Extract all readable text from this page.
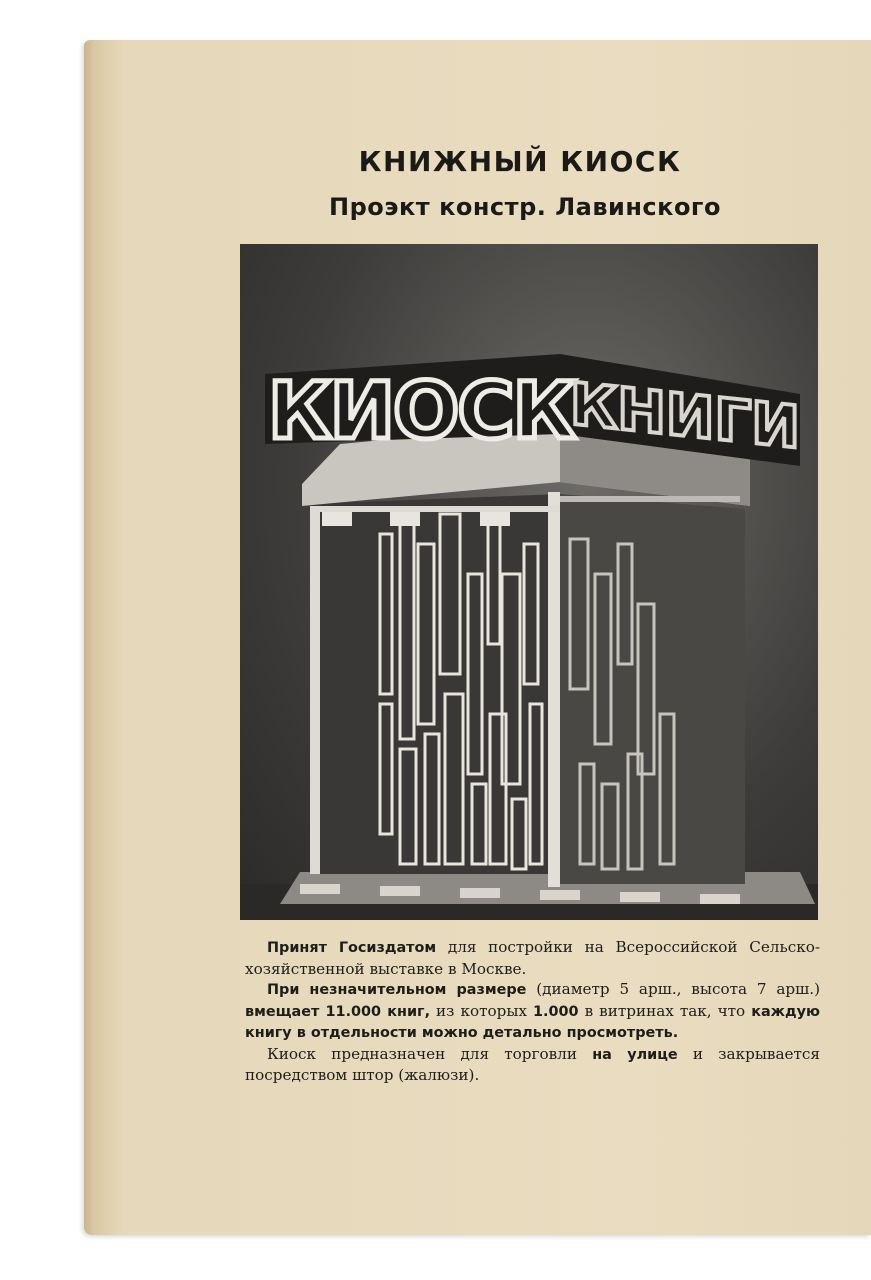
КНИЖНЫЙ КИОСК
Проэкт констр. Лавинского
КИОСК
КНИГИ

Принят Госиздатом для постройки на Всероссийской Сельско-хозяйственной выставке в Москве.

При незначительном размере (диаметр 5 арш., высота 7 арш.) вмещает 11.000 книг, из которых 1.000 в витринах так, что каждую книгу в отдельности можно детально просмотреть.

Киоск предназначен для торговли на улице и закрывается посредством штор (жалюзи).
